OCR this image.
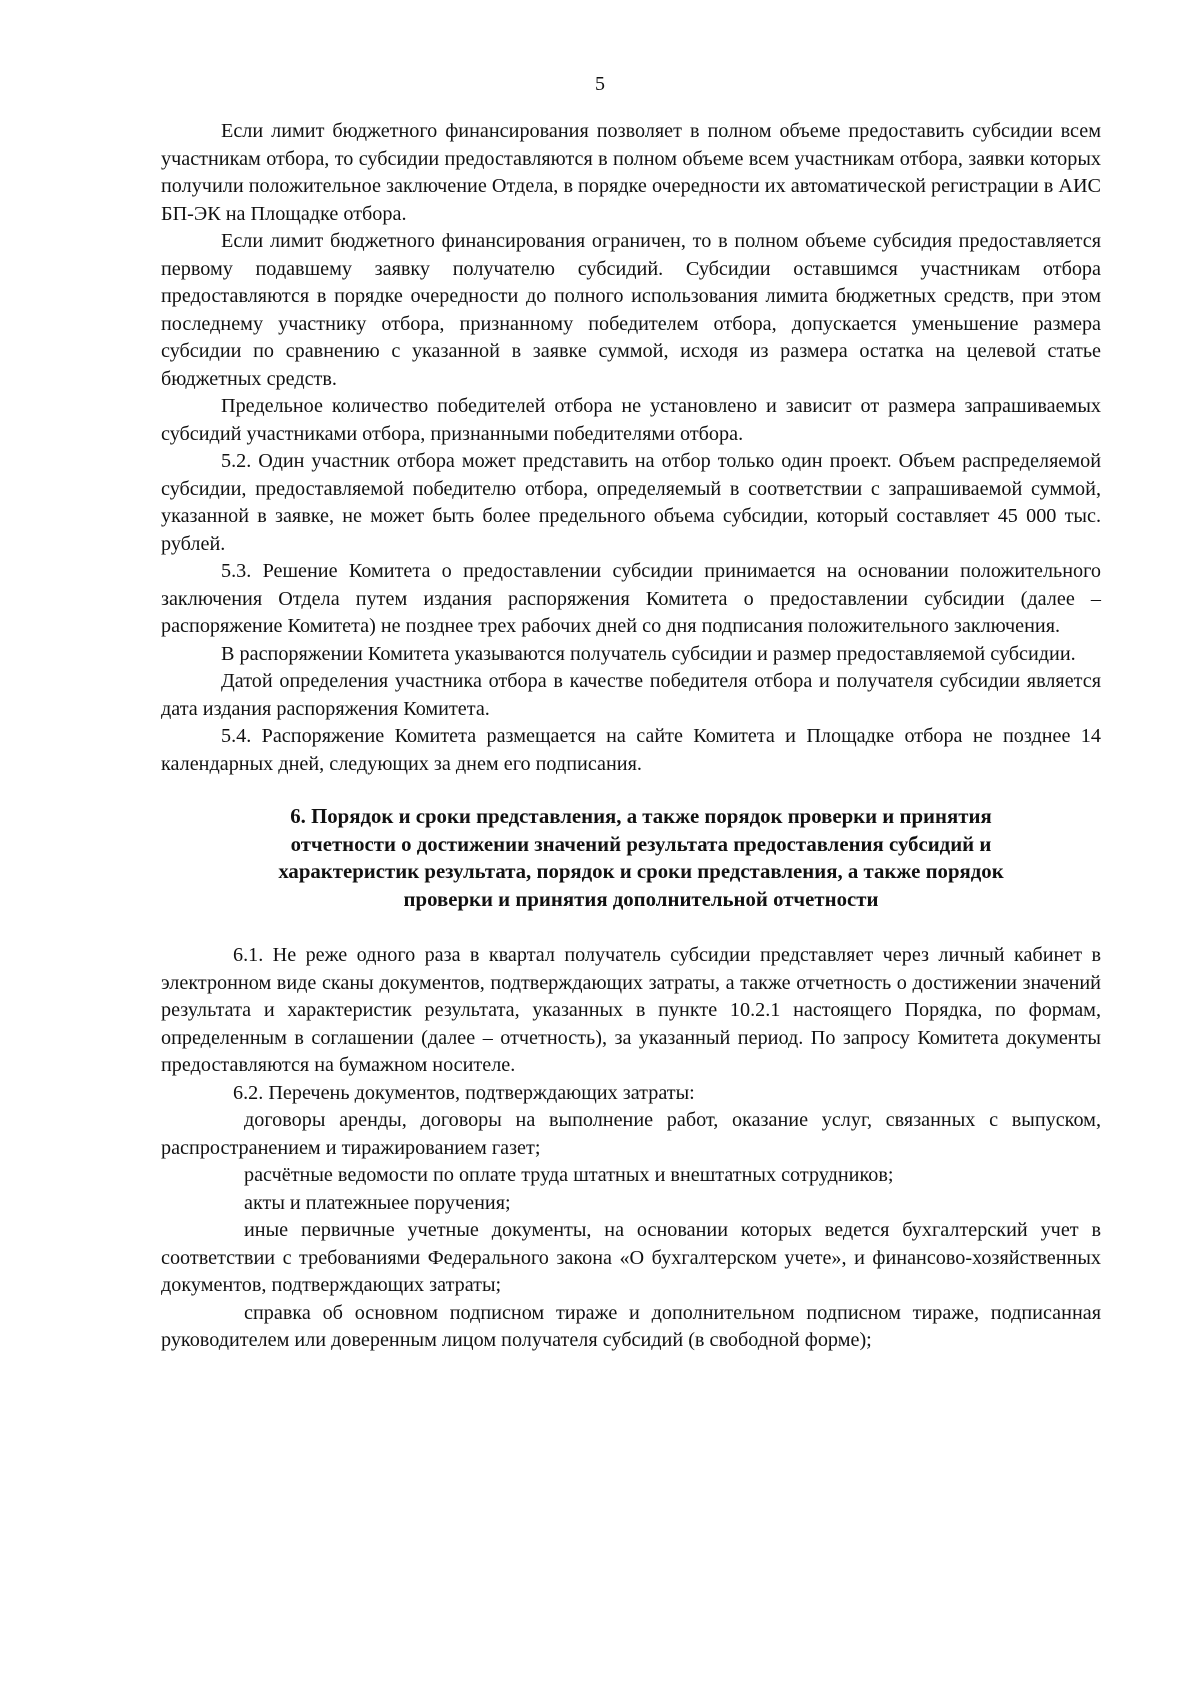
5

Если лимит бюджетного финансирования позволяет в полном объеме предоставить субсидии всем участникам отбора, то субсидии предоставляются в полном объеме всем участникам отбора, заявки которых получили положительное заключение Отдела, в порядке очередности их автоматической регистрации в АИС БП-ЭК на Площадке отбора.

Если лимит бюджетного финансирования ограничен, то в полном объеме субсидия предоставляется первому подавшему заявку получателю субсидий. Субсидии оставшимся участникам отбора предоставляются в порядке очередности до полного использования лимита бюджетных средств, при этом последнему участнику отбора, признанному победителем отбора, допускается уменьшение размера субсидии по сравнению с указанной в заявке суммой, исходя из размера остатка на целевой статье бюджетных средств.

Предельное количество победителей отбора не установлено и зависит от размера запрашиваемых субсидий участниками отбора, признанными победителями отбора.

5.2. Один участник отбора может представить на отбор только один проект. Объем распределяемой субсидии, предоставляемой победителю отбора, определяемый в соответствии с запрашиваемой суммой, указанной в заявке, не может быть более предельного объема субсидии, который составляет 45 000 тыс. рублей.

5.3. Решение Комитета о предоставлении субсидии принимается на основании положительного заключения Отдела путем издания распоряжения Комитета о предоставлении субсидии (далее – распоряжение Комитета) не позднее трех рабочих дней со дня подписания положительного заключения.

В распоряжении Комитета указываются получатель субсидии и размер предоставляемой субсидии.

Датой определения участника отбора в качестве победителя отбора и получателя субсидии является дата издания распоряжения Комитета.

5.4. Распоряжение Комитета размещается на сайте Комитета и Площадке отбора не позднее 14 календарных дней, следующих за днем его подписания.

6. Порядок и сроки представления, а также порядок проверки и принятия
отчетности о достижении значений результата предоставления субсидий и
характеристик результата, порядок и сроки представления, а также порядок
проверки и принятия дополнительной отчетности

6.1. Не реже одного раза в квартал получатель субсидии представляет через личный кабинет в электронном виде сканы документов, подтверждающих затраты, а также отчетность о достижении значений результата и характеристик результата, указанных в пункте 10.2.1 настоящего Порядка, по формам, определенным в соглашении (далее – отчетность), за указанный период. По запросу Комитета документы предоставляются на бумажном носителе.

6.2. Перечень документов, подтверждающих затраты:

договоры аренды, договоры на выполнение работ, оказание услуг, связанных с выпуском, распространением и тиражированием газет;

расчётные ведомости по оплате труда штатных и внештатных сотрудников;

акты и платежныее поручения;

иные первичные учетные документы, на основании которых ведется бухгалтерский учет в соответствии с требованиями Федерального закона «О бухгалтерском учете», и финансово-хозяйственных документов, подтверждающих затраты;

справка об основном подписном тираже и дополнительном подписном тираже, подписанная руководителем или доверенным лицом получателя субсидий (в свободной форме);
